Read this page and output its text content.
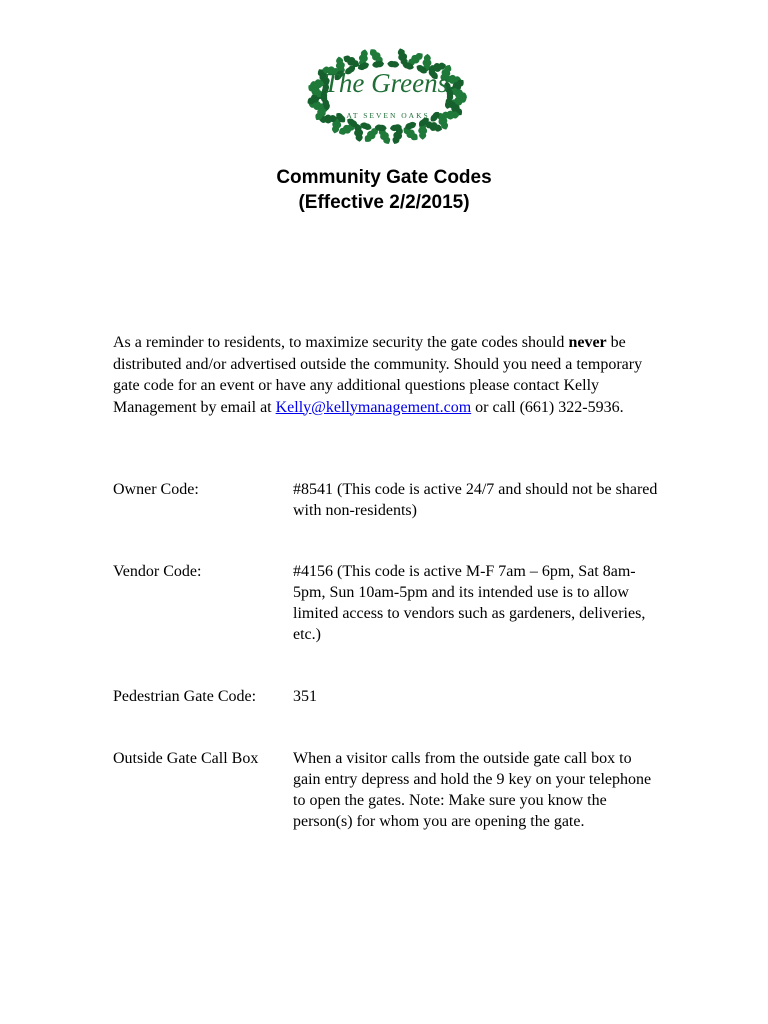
The Greens
AT SEVEN OAKS
Community Gate Codes
(Effective 2/2/2015)
As a reminder to residents, to maximize security the gate codes should never be distributed and/or advertised outside the community. Should you need a temporary gate code for an event or have any additional questions please contact Kelly Management by email at Kelly@kellymanagement.com or call (661) 322-5936.
Owner Code:	#8541 (This code is active 24/7 and should not be shared with non-residents)
Vendor Code:	#4156 (This code is active M-F 7am – 6pm, Sat 8am-5pm, Sun 10am-5pm and its intended use is to allow limited access to vendors such as gardeners, deliveries, etc.)
Pedestrian Gate Code:	351
Outside Gate Call Box	When a visitor calls from the outside gate call box to gain entry depress and hold the 9 key on your telephone to open the gates. Note: Make sure you know the person(s) for whom you are opening the gate.
